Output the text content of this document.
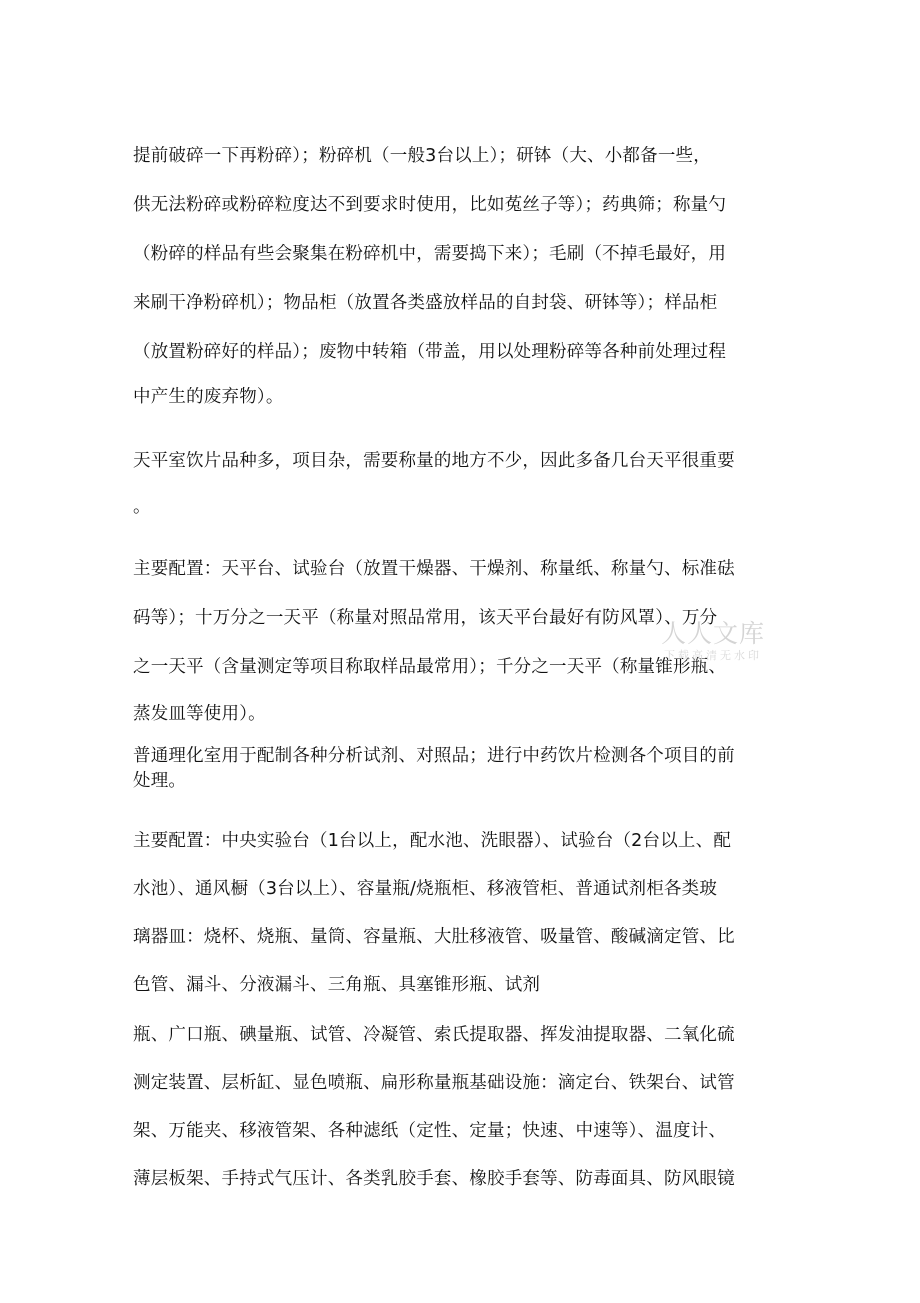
提前破碎一下再粉碎）；粉碎机（一般3台以上）；研钵（大、小都备一些，
供无法粉碎或粉碎粒度达不到要求时使用，比如菟丝子等）；药典筛；称量勺
（粉碎的样品有些会聚集在粉碎机中，需要捣下来）；毛刷（不掉毛最好，用
来刷干净粉碎机）；物品柜（放置各类盛放样品的自封袋、研钵等）；样品柜
（放置粉碎好的样品）；废物中转箱（带盖，用以处理粉碎等各种前处理过程
中产生的废弃物）。
天平室饮片品种多，项目杂，需要称量的地方不少，因此多备几台天平很重要
。
主要配置：天平台、试验台（放置干燥器、干燥剂、称量纸、称量勺、标准砝
码等）；十万分之一天平（称量对照品常用，该天平台最好有防风罩）、万分
之一天平（含量测定等项目称取样品最常用）；千分之一天平（称量锥形瓶、
蒸发皿等使用）。
普通理化室用于配制各种分析试剂、对照品；进行中药饮片检测各个项目的前
处理。
主要配置：中央实验台（1台以上，配水池、洗眼器）、试验台（2台以上、配
水池）、通风橱（3台以上）、容量瓶/烧瓶柜、移液管柜、普通试剂柜各类玻
璃器皿：烧杯、烧瓶、量筒、容量瓶、大肚移液管、吸量管、酸碱滴定管、比
色管、漏斗、分液漏斗、三角瓶、具塞锥形瓶、试剂
瓶、广口瓶、碘量瓶、试管、冷凝管、索氏提取器、挥发油提取器、二氧化硫
测定装置、层析缸、显色喷瓶、扁形称量瓶基础设施：滴定台、铁架台、试管
架、万能夹、移液管架、各种滤纸（定性、定量；快速、中速等）、温度计、
薄层板架、手持式气压计、各类乳胶手套、橡胶手套等、防毒面具、防风眼镜
人人文库
下载高清无水印
